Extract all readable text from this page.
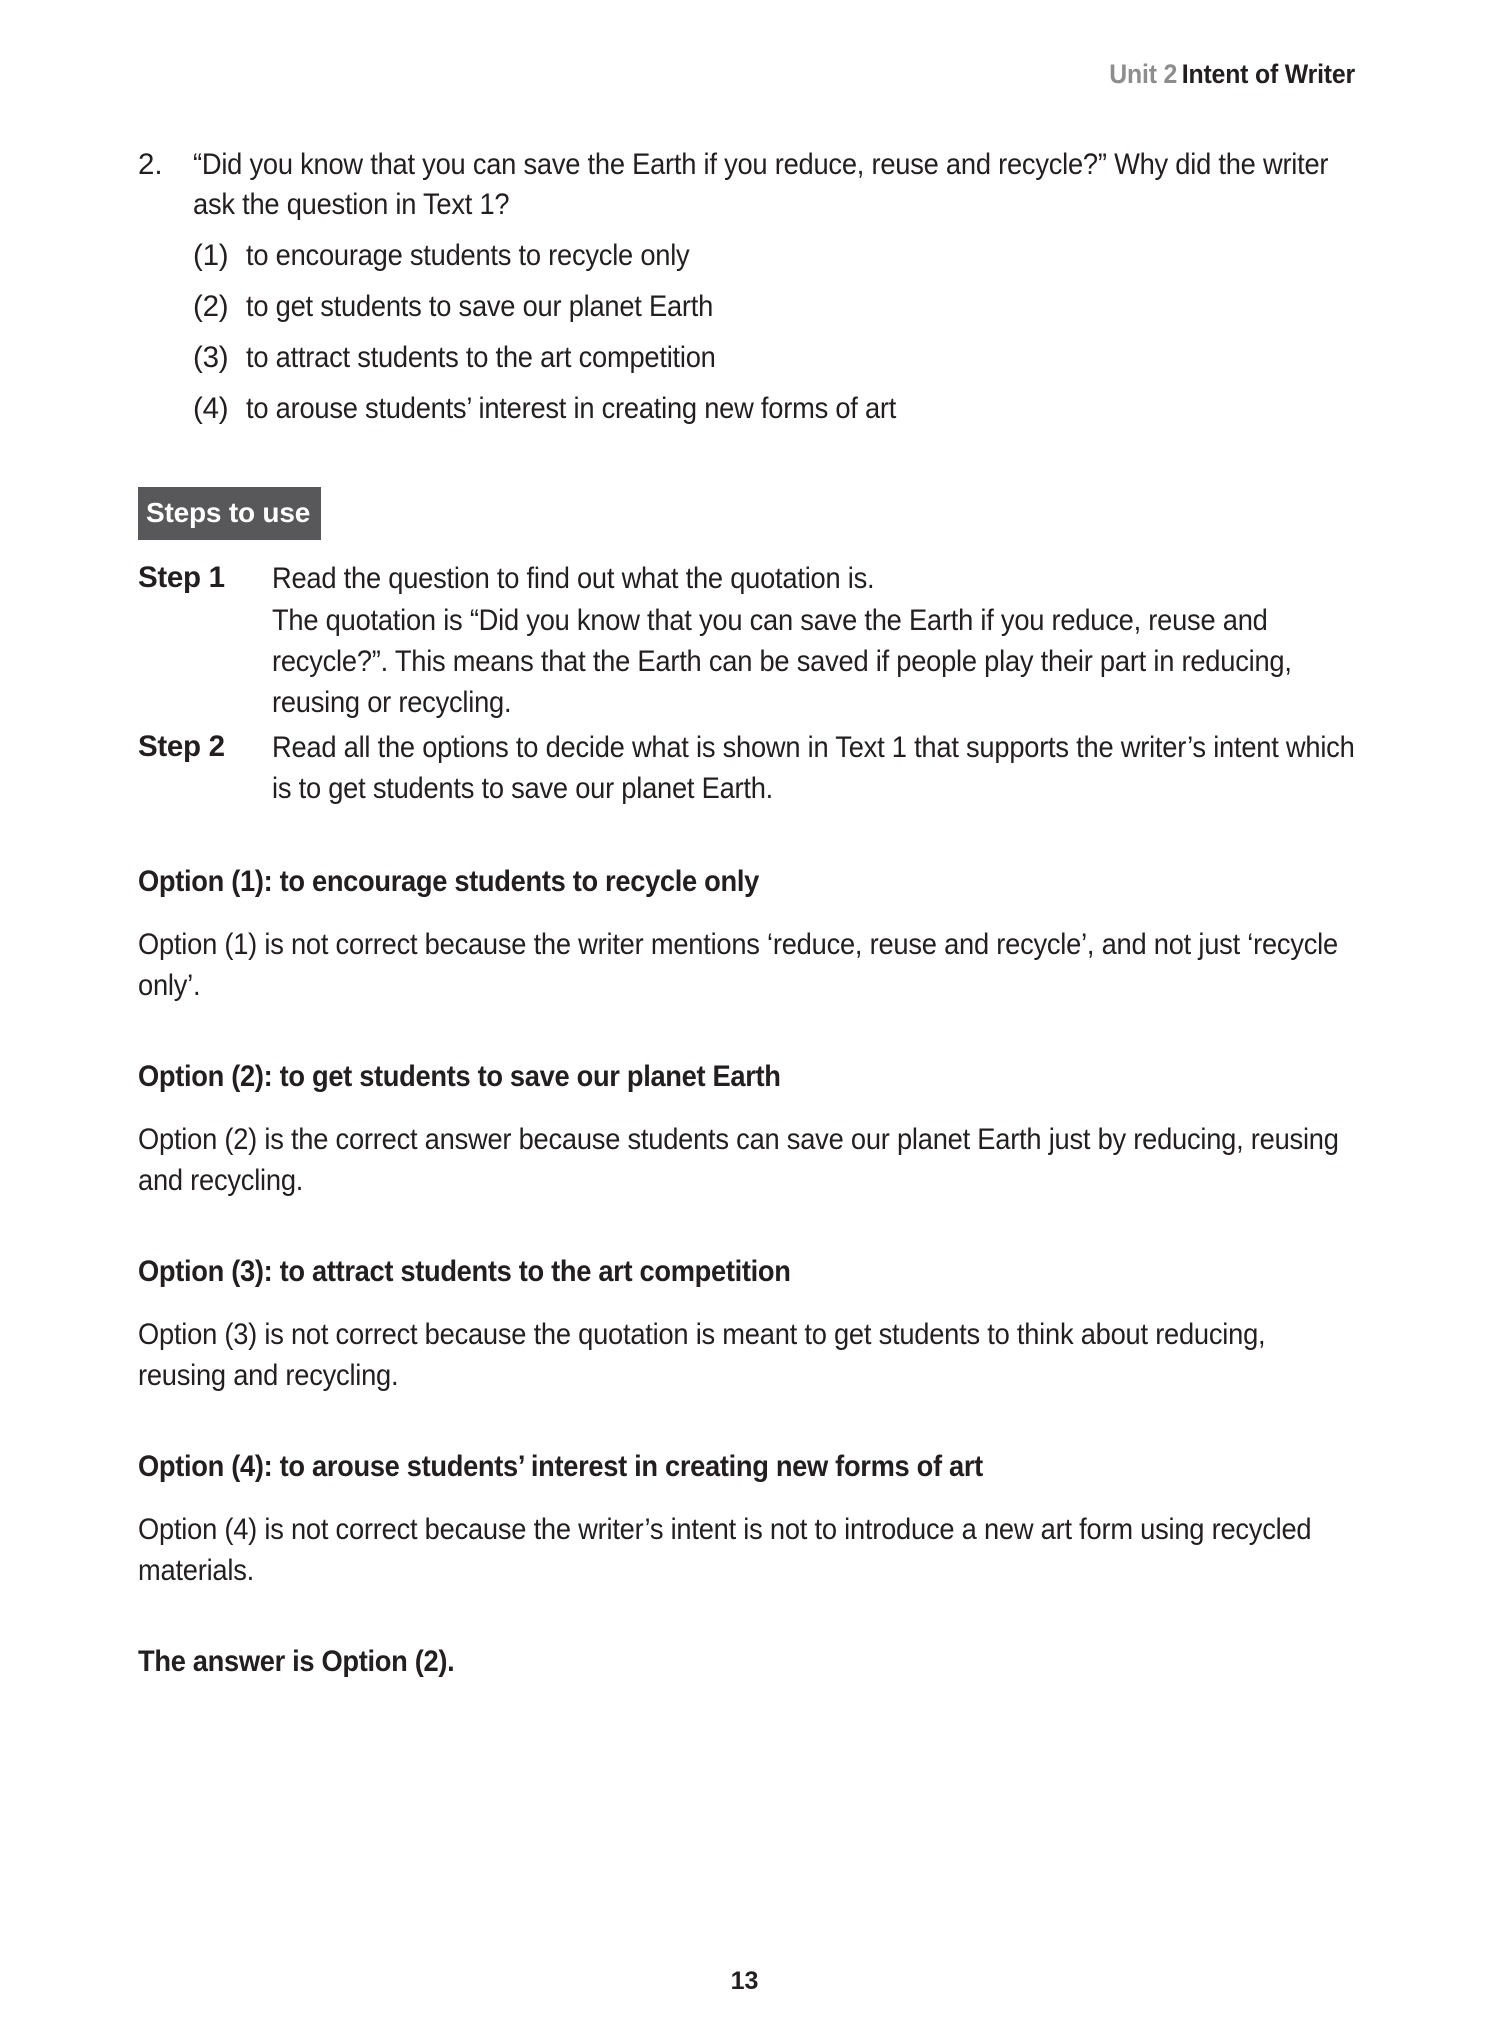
Unit 2 Intent of Writer
2. “Did you know that you can save the Earth if you reduce, reuse and recycle?” Why did the writer ask the question in Text 1?
(1) to encourage students to recycle only
(2) to get students to save our planet Earth
(3) to attract students to the art competition
(4) to arouse students’ interest in creating new forms of art
Steps to use
Step 1 Read the question to find out what the quotation is.

The quotation is “Did you know that you can save the Earth if you reduce, reuse and recycle?”. This means that the Earth can be saved if people play their part in reducing, reusing or recycling.

Step 2 Read all the options to decide what is shown in Text 1 that supports the writer’s intent which is to get students to save our planet Earth.

Option (1): to encourage students to recycle only

Option (1) is not correct because the writer mentions ‘reduce, reuse and recycle’, and not just ‘recycle only’.

Option (2): to get students to save our planet Earth

Option (2) is the correct answer because students can save our planet Earth just by reducing, reusing and recycling.

Option (3): to attract students to the art competition

Option (3) is not correct because the quotation is meant to get students to think about reducing, reusing and recycling.

Option (4): to arouse students’ interest in creating new forms of art

Option (4) is not correct because the writer’s intent is not to introduce a new art form using recycled materials.

The answer is Option (2).

13
